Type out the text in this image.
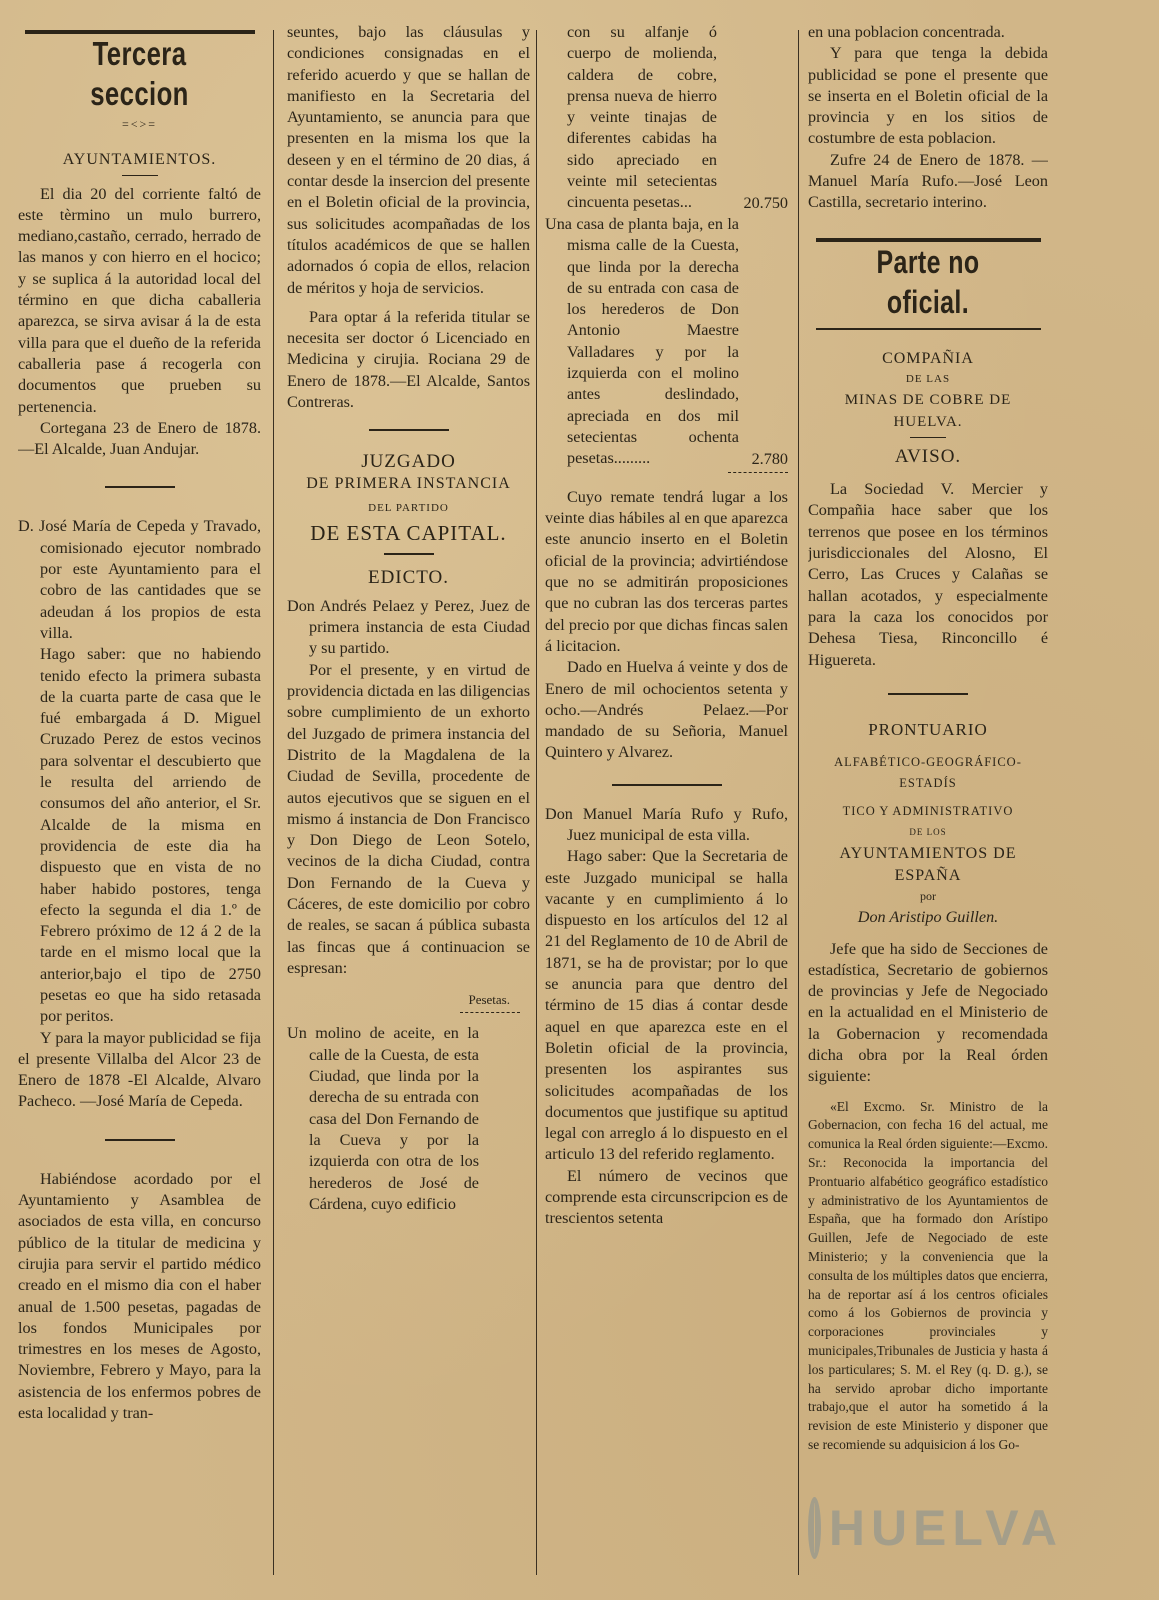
Tercera seccion

=<>=

AYUNTAMIENTOS.

El dia 20 del corriente faltó de este tèrmino un mulo burrero, mediano,castaño, cerrado, herrado de las manos y con hierro en el hocico; y se suplica á la autoridad local del término en que dicha caballeria aparezca, se sirva avisar á la de esta villa para que el dueño de la referida caballeria pase á recogerla con documentos que prueben su pertenencia.

Cortegana 23 de Enero de 1878.—El Alcalde, Juan Andujar.

D. José María de Cepeda y Travado, comisionado ejecutor nombrado por este Ayuntamiento para el cobro de las cantidades que se adeudan á los propios de esta villa.

Hago saber: que no habiendo tenido efecto la primera subasta de la cuarta parte de casa que le fué embargada á D. Miguel Cruzado Perez de estos vecinos para solventar el descubierto que le resulta del arriendo de consumos del año anterior, el Sr. Alcalde de la misma en providencia de este dia ha dispuesto que en vista de no haber habido postores, tenga efecto la segunda el dia 1.º de Febrero próximo de 12 á 2 de la tarde en el mismo local que la anterior,bajo el tipo de 2750 pesetas eo que ha sido retasada por peritos.

Y para la mayor publicidad se fija el presente Villalba del Alcor 23 de Enero de 1878 -El Alcalde, Alvaro Pacheco. —José María de Cepeda.

Habiéndose acordado por el Ayuntamiento y Asamblea de asociados de esta villa, en concurso público de la titular de medicina y cirujia para servir el partido médico creado en el mismo dia con el haber anual de 1.500 pesetas, pagadas de los fondos Municipales por trimestres en los meses de Agosto, Noviembre, Febrero y Mayo, para la asistencia de los enfermos pobres de esta localidad y tran-

seuntes, bajo las cláusulas y condiciones consignadas en el referido acuerdo y que se hallan de manifiesto en la Secretaria del Ayuntamiento, se anuncia para que presenten en la misma los que la deseen y en el término de 20 dias, á contar desde la insercion del presente en el Boletin oficial de la provincia, sus solicitudes acompañadas de los títulos académicos de que se hallen adornados ó copia de ellos, relacion de méritos y hoja de servicios.

Para optar á la referida titular se necesita ser doctor ó Licenciado en Medicina y cirujia. Rociana 29 de Enero de 1878.—El Alcalde, Santos Contreras.

JUZGADO

DE PRIMERA INSTANCIA

DEL PARTIDO

DE ESTA CAPITAL.

EDICTO.

Don Andrés Pelaez y Perez, Juez de primera instancia de esta Ciudad y su partido.

Por el presente, y en virtud de providencia dictada en las diligencias sobre cumplimiento de un exhorto del Juzgado de primera instancia del Distrito de la Magdalena de la Ciudad de Sevilla, procedente de autos ejecutivos que se siguen en el mismo á instancia de Don Francisco y Don Diego de Leon Sotelo, vecinos de la dicha Ciudad, contra Don Fernando de la Cueva y Cáceres, de este domicilio por cobro de reales, se sacan á pública subasta las fincas que á continuacion se espresan:

Pesetas.

Un molino de aceite, en la calle de la Cuesta, de esta Ciudad, que linda por la derecha de su entrada con casa del Don Fernando de la Cueva y por la izquierda con otra de los herederos de José de Cárdena, cuyo edificio

con su alfanje ó cuerpo de molienda, caldera de cobre, prensa nueva de hierro y veinte tinajas de diferentes cabidas ha sido apreciado en veinte mil setecientas cincuenta pesetas...	20.750

Una casa de planta baja, en la misma calle de la Cuesta, que linda por la derecha de su entrada con casa de los herederos de Don Antonio Maestre Valladares y por la izquierda con el molino antes deslindado, apreciada en dos mil setecientas ochenta pesetas.........	2.780

Cuyo remate tendrá lugar a los veinte dias hábiles al en que aparezca este anuncio inserto en el Boletin oficial de la provincia; advirtiéndose que no se admitirán proposiciones que no cubran las dos terceras partes del precio por que dichas fincas salen á licitacion.

Dado en Huelva á veinte y dos de Enero de mil ochocientos setenta y ocho.—Andrés Pelaez.—Por mandado de su Señoria, Manuel Quintero y Alvarez.

Don Manuel María Rufo y Rufo, Juez municipal de esta villa.

Hago saber: Que la Secretaria de este Juzgado municipal se halla vacante y en cumplimiento á lo dispuesto en los artículos del 12 al 21 del Reglamento de 10 de Abril de 1871, se ha de provistar; por lo que se anuncia para que dentro del término de 15 dias á contar desde aquel en que aparezca este en el Boletin oficial de la provincia, presenten los aspirantes sus solicitudes acompañadas de los documentos que justifique su aptitud legal con arreglo á lo dispuesto en el articulo 13 del referido reglamento.

El número de vecinos que comprende esta circunscripcion es de trescientos setenta

en una poblacion concentrada.

Y para que tenga la debida publicidad se pone el presente que se inserta en el Boletin oficial de la provincia y en los sitios de costumbre de esta poblacion.

Zufre 24 de Enero de 1878. —Manuel María Rufo.—José Leon Castilla, secretario interino.

Parte no oficial.

COMPAÑIA

DE LAS

MINAS DE COBRE DE HUELVA.

AVISO.

La Sociedad V. Mercier y Compañia hace saber que los terrenos que posee en los términos jurisdiccionales del Alosno, El Cerro, Las Cruces y Calañas se hallan acotados, y especialmente para la caza los conocidos por Dehesa Tiesa, Rinconcillo é Higuereta.

PRONTUARIO

ALFABÉTICO-GEOGRÁFICO-ESTADÍS

TICO Y ADMINISTRATIVO

DE LOS

AYUNTAMIENTOS DE ESPAÑA

por

Don Aristipo Guillen.

Jefe que ha sido de Secciones de estadística, Secretario de gobiernos de provincias y Jefe de Negociado en la actualidad en el Ministerio de la Gobernacion y recomendada dicha obra por la Real órden siguiente:

«El Excmo. Sr. Ministro de la Gobernacion, con fecha 16 del actual, me comunica la Real órden siguiente:—Excmo. Sr.: Reconocida la importancia del Prontuario alfabético geográfico estadístico y administrativo de los Ayuntamientos de España, que ha formado don Arístipo Guillen, Jefe de Negociado de este Ministerio; y la conveniencia que la consulta de los múltiples datos que encierra, ha de reportar así á los centros oficiales como á los Gobiernos de provincia y corporaciones provinciales y municipales,Tribunales de Justicia y hasta á los particulares; S. M. el Rey (q. D. g.), se ha servido aprobar dicho importante trabajo,que el autor ha sometido á la revision de este Ministerio y disponer que se recomiende su adquisicion á los Go-

HUELVA
